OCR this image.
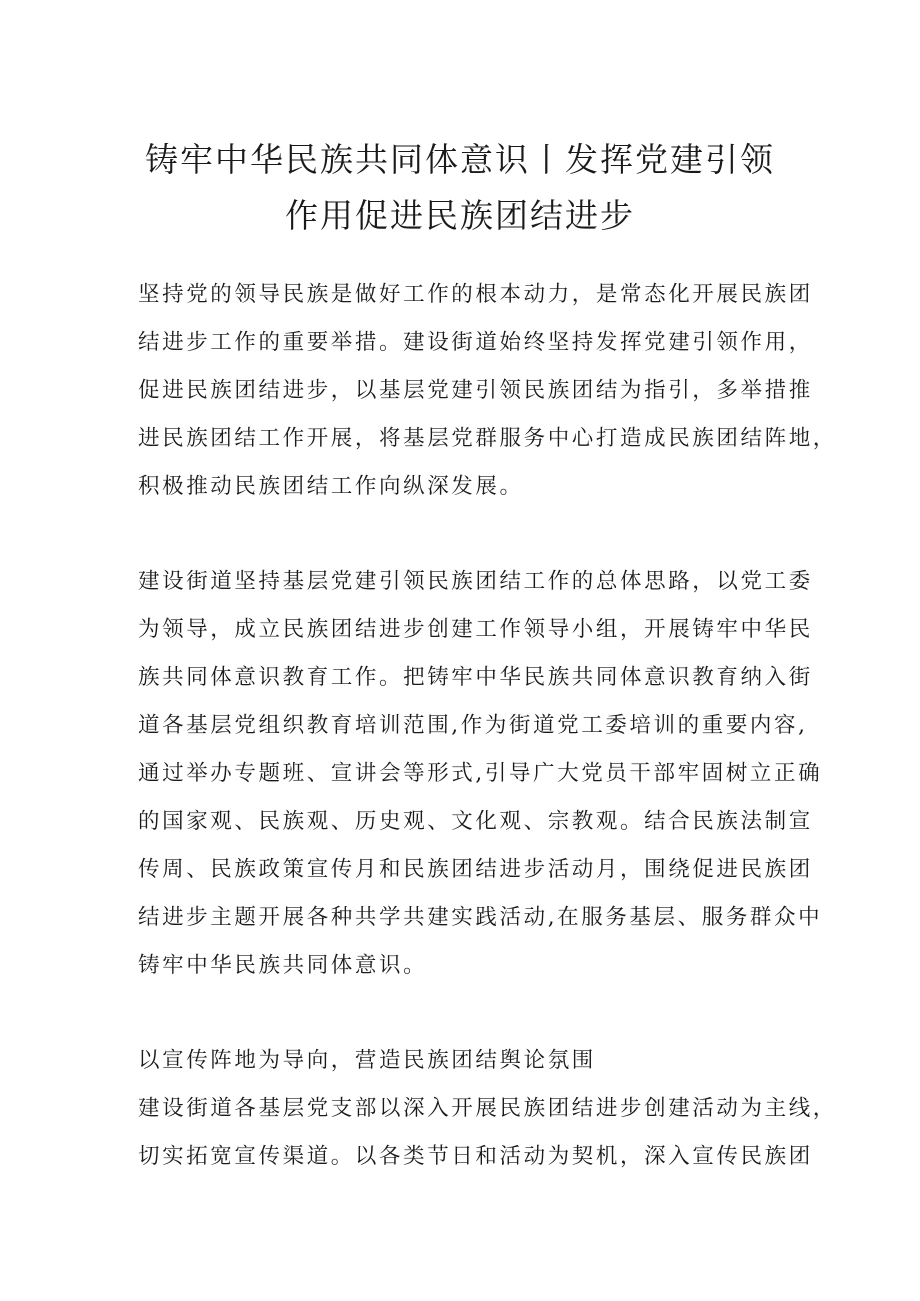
铸牢中华民族共同体意识丨发挥党建引领
作用促进民族团结进步

坚持党的领导民族是做好工作的根本动力，是常态化开展民族团

结进步工作的重要举措。建设街道始终坚持发挥党建引领作用，

促进民族团结进步，以基层党建引领民族团结为指引，多举措推

进民族团结工作开展，将基层党群服务中心打造成民族团结阵地，

积极推动民族团结工作向纵深发展。

建设街道坚持基层党建引领民族团结工作的总体思路，以党工委

为领导，成立民族团结进步创建工作领导小组，开展铸牢中华民

族共同体意识教育工作。把铸牢中华民族共同体意识教育纳入街

道各基层党组织教育培训范围,作为街道党工委培训的重要内容,

通过举办专题班、宣讲会等形式,引导广大党员干部牢固树立正确

的国家观、民族观、历史观、文化观、宗教观。结合民族法制宣

传周、民族政策宣传月和民族团结进步活动月，围绕促进民族团

结进步主题开展各种共学共建实践活动,在服务基层、服务群众中

铸牢中华民族共同体意识。

以宣传阵地为导向，营造民族团结舆论氛围

建设街道各基层党支部以深入开展民族团结进步创建活动为主线，

切实拓宽宣传渠道。以各类节日和活动为契机，深入宣传民族团
